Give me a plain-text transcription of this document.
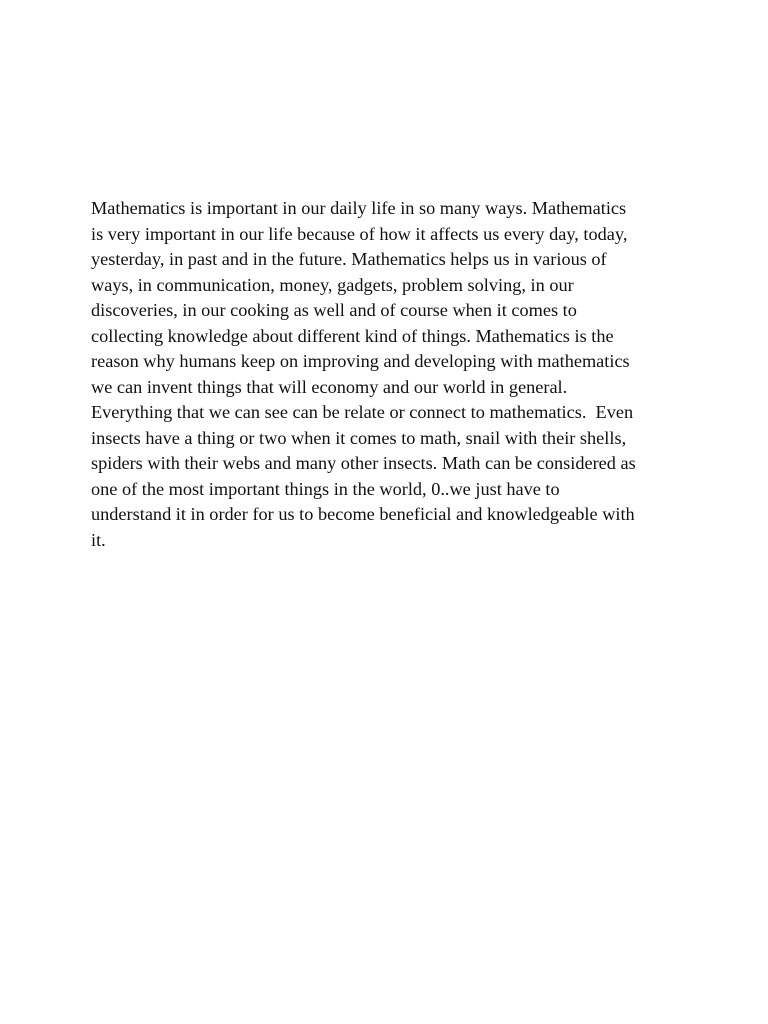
Mathematics is important in our daily life in so many ways. Mathematics
is very important in our life because of how it affects us every day, today,
yesterday, in past and in the future. Mathematics helps us in various of
ways, in communication, money, gadgets, problem solving, in our
discoveries, in our cooking as well and of course when it comes to
collecting knowledge about different kind of things. Mathematics is the
reason why humans keep on improving and developing with mathematics
we can invent things that will economy and our world in general.
Everything that we can see can be relate or connect to mathematics.  Even
insects have a thing or two when it comes to math, snail with their shells,
spiders with their webs and many other insects. Math can be considered as
one of the most important things in the world, 0..we just have to
understand it in order for us to become beneficial and knowledgeable with
it.
